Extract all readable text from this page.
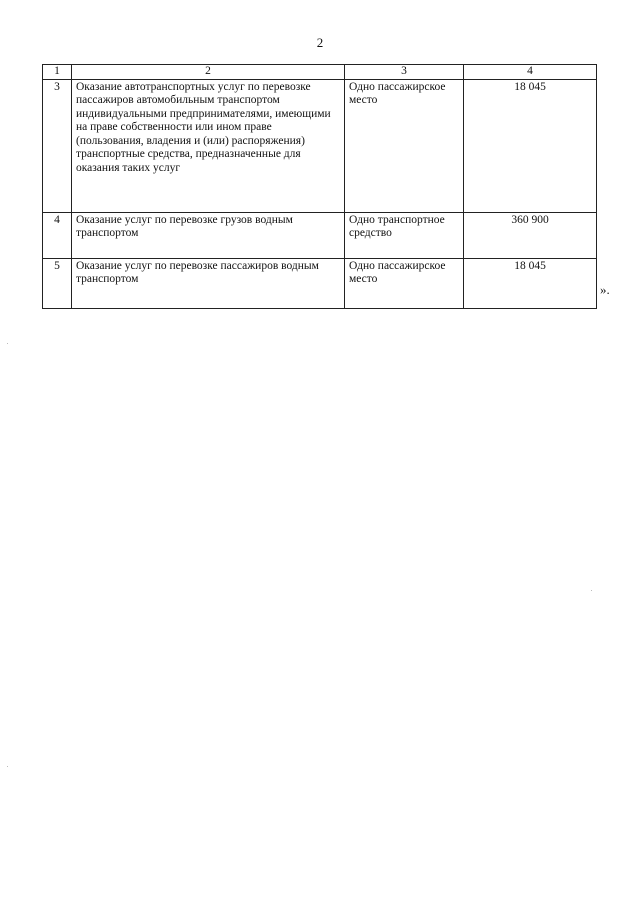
2
1	2	3	4
3	Оказание автотранспортных услуг по перевозке пассажиров автомобильным транспортом индивидуальными предпринимателями, имеющими на праве собственности или ином праве (пользования, владения и (или) распоряжения) транспортные средства, предназначенные для оказания таких услуг	Одно пассажирское место	18 045
4	Оказание услуг по перевозке грузов водным транспортом	Одно транспортное средство	360 900
5	Оказание услуг по перевозке пассажиров водным транспортом	Одно пассажирское место	18 045
».
